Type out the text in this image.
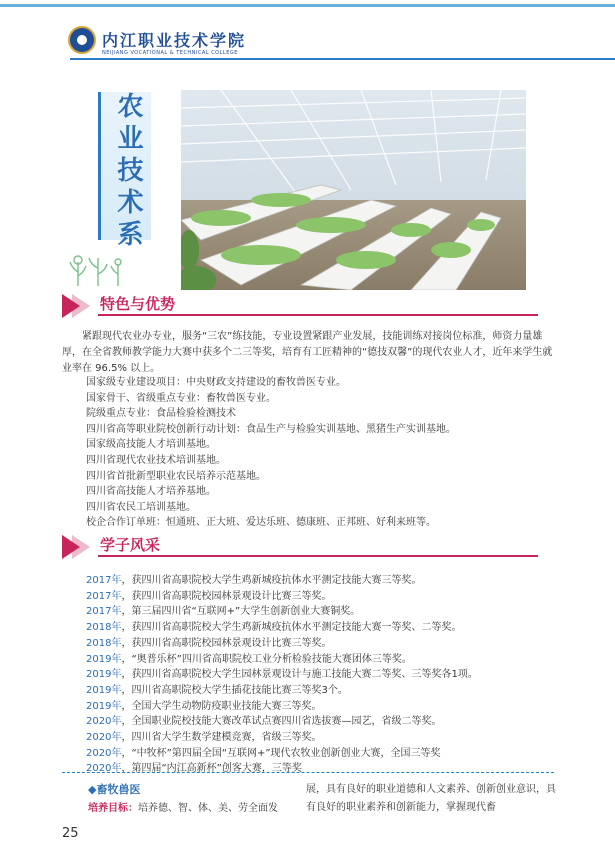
内江职业技术学院
NEIJIANG VOCATIONAL & TECHNICAL COLLEGE
农业技术系
特色与优势
紧跟现代农业办专业，服务“三农”练技能，专业设置紧跟产业发展，技能训练对接岗位标准，师资力量雄厚，在全省教师教学能力大赛中获多个二三等奖，培育有工匠精神的“德技双馨”的现代农业人才，近年来学生就业率在 96.5% 以上。
国家级专业建设项目：中央财政支持建设的畜牧兽医专业。
国家骨干、省级重点专业：畜牧兽医专业。
院级重点专业：食品检验检测技术
四川省高等职业院校创新行动计划：食品生产与检验实训基地、黑猪生产实训基地。
国家级高技能人才培训基地。
四川省现代农业技术培训基地。
四川省首批新型职业农民培养示范基地。
四川省高技能人才培养基地。
四川省农民工培训基地。
校企合作订单班：恒通班、正大班、爱达乐班、德康班、正邦班、好利来班等。
学子风采
2017年，获四川省高职院校大学生鸡新城疫抗体水平测定技能大赛三等奖。
2017年，获四川省高职院校园林景观设计比赛三等奖。
2017年，第三届四川省“互联网+”大学生创新创业大赛铜奖。
2018年，获四川省高职院校大学生鸡新城疫抗体水平测定技能大赛一等奖、二等奖。
2018年，获四川省高职院校园林景观设计比赛三等奖。
2019年，“奥普乐杯”四川省高职院校工业分析检验技能大赛团体三等奖。
2019年，获四川省高职院校大学生园林景观设计与施工技能大赛二等奖、三等奖各1项。
2019年，四川省高职院校大学生插花技能比赛三等奖3个。
2019年，全国大学生动物防疫职业技能大赛三等奖。
2020年，全国职业院校技能大赛改革试点赛四川省选拔赛—园艺，省级二等奖。
2020年，四川省大学生数学建模竞赛，省级三等奖。
2020年，“中牧杯”第四届全国“互联网+”现代农牧业创新创业大赛，全国三等奖
2020年，第四届“内江高新杯”创客大赛，三等奖
◆畜牧兽医
培养目标：培养德、智、体、美、劳全面发
展，具有良好的职业道德和人文素养、创新创业意识，具有良好的职业素养和创新能力，掌握现代畜
25
